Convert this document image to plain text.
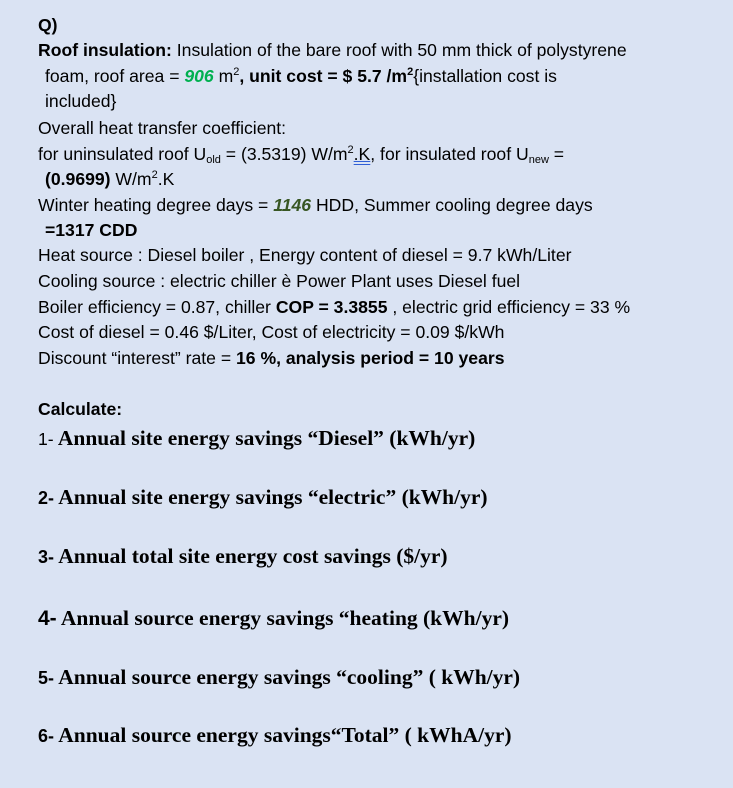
Q)
Roof insulation: Insulation of the bare roof with 50 mm thick of polystyrene
foam, roof area = 906 $m^2$, unit cost = $ 5.7 $/m^2\{installation$ cost is
included}
Overall heat transfer coefficient:
for uninsulated roof $U_{old} = (3.5319)$ $W/m^2.K$, for insulated roof $U_{new}$ =
(0.9699) $W/m^2.K$
Winter heating degree days = 1146 HDD, Summer cooling degree days
=1317 CDD
Heat source : Diesel boiler , Energy content of diesel = 9.7 kWh/Liter
Cooling source : electric chiller è Power Plant uses Diesel fuel
Boiler efficiency = 0.87, chiller COP = 3.3855 , electric grid efficiency = 33 %
Cost of diesel = 0.46 $/Liter, Cost of electricity = 0.09 $/kWh
Discount “interest” rate = 16 %, analysis period = 10 years
Calculate:
1- Annual site energy savings “Diesel” (kWh/yr)
2- Annual site energy savings “electric” (kWh/yr)
3- Annual total site energy cost savings ($/yr)
4- Annual source energy savings “heating (kWh/yr)
5- Annual source energy savings “cooling” ( kWh/yr)
6- Annual source energy savings“Total” ( kWhA/yr)
